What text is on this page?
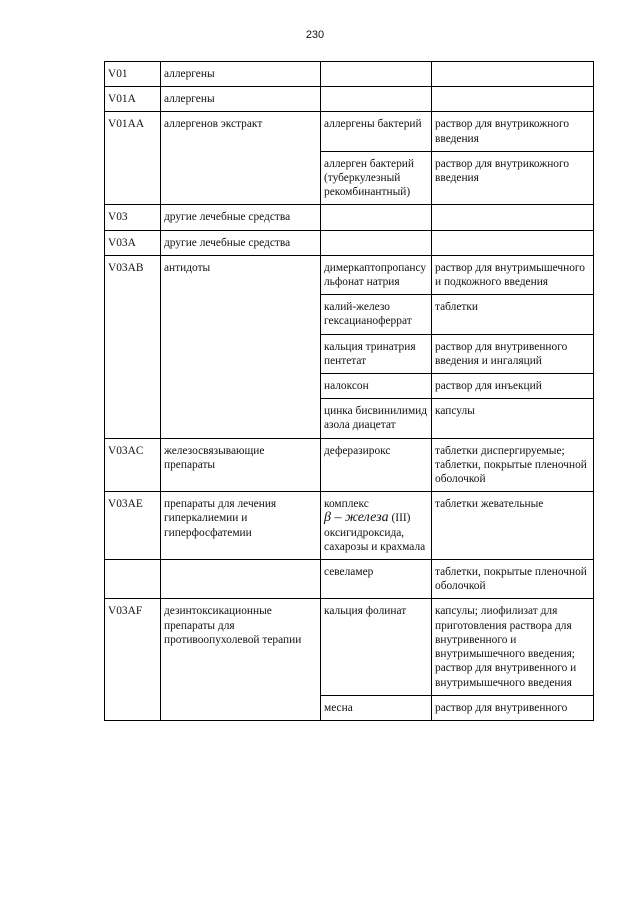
230
V01	аллергены		
V01A	аллергены		
V01AA	аллергенов экстракт	аллергены бактерий	раствор для внутрикожного введения
		аллерген бактерий (туберкулезный рекомбинантный)	раствор для внутрикожного введения
V03	другие лечебные средства		
V03A	другие лечебные средства		
V03AB	антидоты	димеркаптопропансульфонат натрия	раствор для внутримышечного и подкожного введения
		калий-железо гексацианоферрат	таблетки
		кальция тринатрия пентетат	раствор для внутривенного введения и ингаляций
		налоксон	раствор для инъекций
		цинка бисвинилимидазола диацетат	капсулы
V03AC	железосвязывающие препараты	деферазирокс	таблетки диспергируемые; таблетки, покрытые пленочной оболочкой
V03AE	препараты для лечения гиперкалиемии и гиперфосфатемии	комплекс
β – железа (III)
оксигидроксида, сахарозы и крахмала	таблетки жевательные
		севеламер	таблетки, покрытые пленочной оболочкой
V03AF	дезинтоксикационные препараты для противоопухолевой терапии	кальция фолинат	капсулы; лиофилизат для приготовления раствора для внутривенного и внутримышечного введения; раствор для внутривенного и внутримышечного введения
		месна	раствор для внутривенного
